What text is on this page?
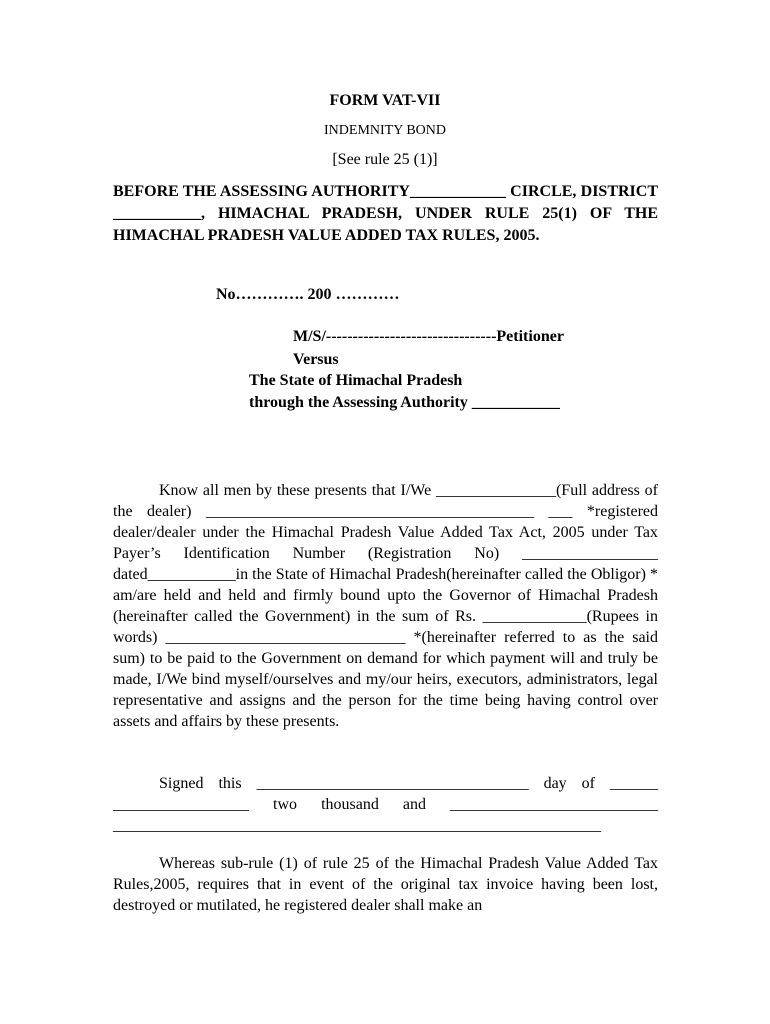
FORM VAT-VII
INDEMNITY BOND
[See rule 25 (1)]
BEFORE THE ASSESSING AUTHORITY____________ CIRCLE, DISTRICT ___________, HIMACHAL PRADESH, UNDER RULE 25(1) OF THE HIMACHAL PRADESH VALUE ADDED TAX RULES, 2005.
No…………. 200 …………
M/S/--------------------------------Petitioner
Versus
The State of Himachal Pradesh
through the Assessing Authority ___________
Know all men by these presents that I/We _______________(Full address of the dealer) _________________________________________ ___ *registered dealer/dealer under the Himachal Pradesh Value Added Tax Act, 2005 under Tax Payer’s Identification Number (Registration No) _________________ dated___________in the State of Himachal Pradesh(hereinafter called the Obligor) * am/are held and held and firmly bound upto the Governor of Himachal Pradesh (hereinafter called the Government) in the sum of Rs. _____________(Rupees in words) ______________________________ *(hereinafter referred to as the said sum) to be paid to the Government on demand for which payment will and truly be made, I/We bind myself/ourselves and my/our heirs, executors, administrators, legal representative and assigns and the person for the time being having control over assets and affairs by these presents.
Signed this __________________________________ day of ______ _________________ two thousand and __________________________ _____________________________________________________________
Whereas sub-rule (1) of rule 25 of the Himachal Pradesh Value Added Tax Rules,2005, requires that in event of the original tax invoice having been lost, destroyed or mutilated, he registered dealer shall make an
